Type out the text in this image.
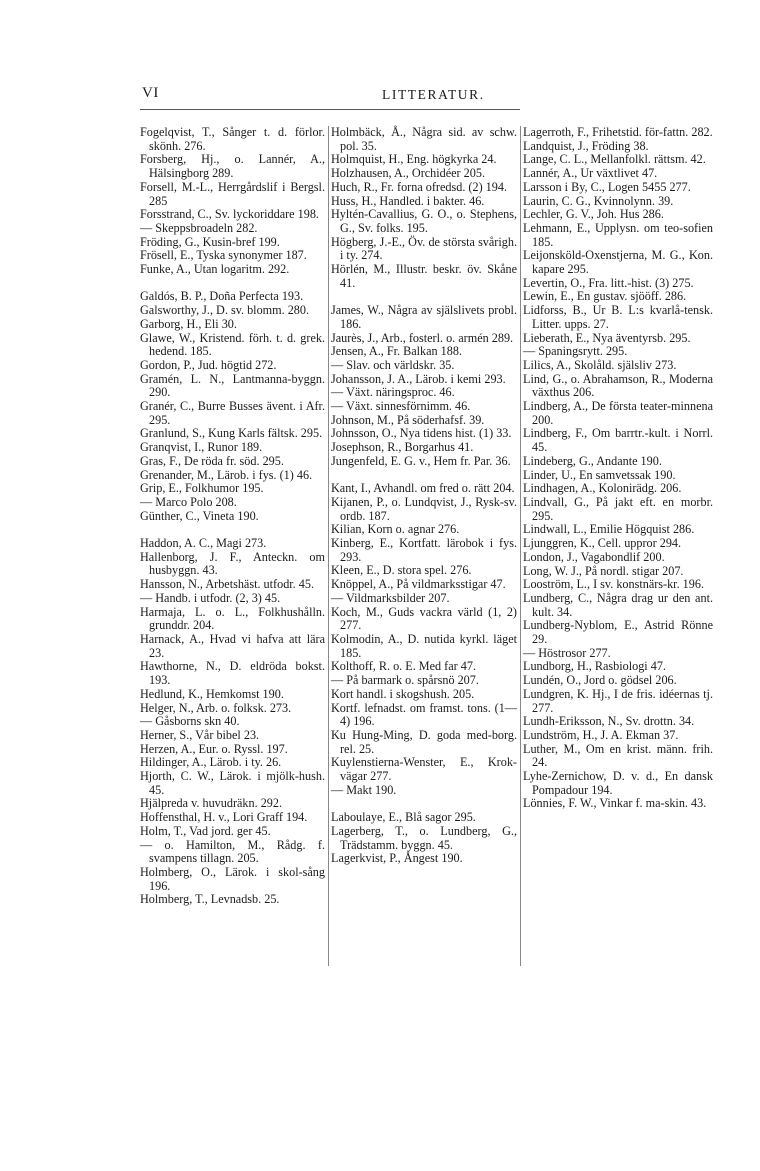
VI	LITTERATUR.
Fogelqvist, T., Sånger t. d. förlor. skönh. 276.
Forsberg, Hj., o. Lannér, A., Hälsingborg 289.
Forsell, M.-L., Herrgårdslif i Bergsl. 285
Forsstrand, C., Sv. lyckoriddare 198.
— Skeppsbroadeln 282.
Fröding, G., Kusin-bref 199.
Frösell, E., Tyska synonymer 187.
Funke, A., Utan logaritm. 292.
Galdós, B. P., Doña Perfecta 193.
Galsworthy, J., D. sv. blomm. 280.
Garborg, H., Eli 30.
Glawe, W., Kristend. förh. t. d. grek. hedend. 185.
Gordon, P., Jud. högtid 272.
Gramén, L. N., Lantmanna-byggn. 290.
Granér, C., Burre Busses ävent. i Afr. 295.
Granlund, S., Kung Karls fältsk. 295.
Granqvist, I., Runor 189.
Gras, F., De röda fr. söd. 295.
Grenander, M., Lärob. i fys. (1) 46.
Grip, E., Folkhumor 195.
— Marco Polo 208.
Günther, C., Vineta 190.
Haddon, A. C., Magi 273.
Hallenborg, J. F., Anteckn. om husbyggn. 43.
Hansson, N., Arbetshäst. utfodr. 45.
— Handb. i utfodr. (2, 3) 45.
Harmaja, L. o. L., Folkhushålln. grunddr. 204.
Harnack, A., Hvad vi hafva att lära 23.
Hawthorne, N., D. eldröda bokst. 193.
Hedlund, K., Hemkomst 190.
Helger, N., Arb. o. folksk. 273.
— Gåsborns skn 40.
Herner, S., Vår bibel 23.
Herzen, A., Eur. o. Ryssl. 197.
Hildinger, A., Lärob. i ty. 26.
Hjorth, C. W., Lärok. i mjölk-hush. 45.
Hjälpreda v. huvudräkn. 292.
Hoffensthal, H. v., Lori Graff 194.
Holm, T., Vad jord. ger 45.
— o. Hamilton, M., Rådg. f. svampens tillagn. 205.
Holmberg, O., Lärok. i skol-sång 196.
Holmberg, T., Levnadsb. 25.
Holmbäck, Å., Några sid. av schw. pol. 35.
Holmquist, H., Eng. högkyrka 24.
Holzhausen, A., Orchidéer 205.
Huch, R., Fr. forna ofredsd. (2) 194.
Huss, H., Handled. i bakter. 46.
Hyltén-Cavallius, G. O., o. Stephens, G., Sv. folks. 195.
Högberg, J.-E., Öv. de största svårigh. i ty. 274.
Hörlén, M., Illustr. beskr. öv. Skåne 41.
James, W., Några av själslivets probl. 186.
Jaurès, J., Arb., fosterl. o. armén 289.
Jensen, A., Fr. Balkan 188.
— Slav. och världskr. 35.
Johansson, J. A., Lärob. i kemi 293.
— Växt. näringsproc. 46.
— Växt. sinnesförnimm. 46.
Johnson, M., På söderhafsf. 39.
Johnsson, O., Nya tidens hist. (1) 33.
Josephson, R., Borgarhus 41.
Jungenfeld, E. G. v., Hem fr. Par. 36.
Kant, I., Avhandl. om fred o. rätt 204.
Kijanen, P., o. Lundqvist, J., Rysk-sv. ordb. 187.
Kilian, Korn o. agnar 276.
Kinberg, E., Kortfatt. lärobok i fys. 293.
Kleen, E., D. stora spel. 276.
Knöppel, A., På vildmarksstigar 47.
— Vildmarksbilder 207.
Koch, M., Guds vackra värld (1, 2) 277.
Kolmodin, A., D. nutida kyrkl. läget 185.
Kolthoff, R. o. E. Med far 47.
— På barmark o. spårsnö 207.
Kort handl. i skogshush. 205.
Kortf. lefnadst. om framst. tons. (1—4) 196.
Ku Hung-Ming, D. goda med-borg. rel. 25.
Kuylenstierna-Wenster, E., Krok-vägar 277.
— Makt 190.
Laboulaye, E., Blå sagor 295.
Lagerberg, T., o. Lundberg, G., Trädstamm. byggn. 45.
Lagerkvist, P., Ångest 190.
Lagerroth, F., Frihetstid. för-fattn. 282.
Landquist, J., Fröding 38.
Lange, C. L., Mellanfolkl. rättsm. 42.
Lannér, A., Ur växtlivet 47.
Larsson i By, C., Logen 5455 277.
Laurin, C. G., Kvinnolynn. 39.
Lechler, G. V., Joh. Hus 286.
Lehmann, E., Upplysn. om teo-sofien 185.
Leijonsköld-Oxenstjerna, M. G., Kon. kapare 295.
Levertin, O., Fra. litt.-hist. (3) 275.
Lewin, E., En gustav. sjööff. 286.
Lidforss, B., Ur B. L:s kvarlå-tensk. Litter. upps. 27.
Lieberath, E., Nya äventyrsb. 295.
— Spaningsrytt. 295.
Lilics, A., Skolåld. själsliv 273.
Lind, G., o. Abrahamson, R., Moderna växthus 206.
Lindberg, A., De första teater-minnena 200.
Lindberg, F., Om barrtr.-kult. i Norrl. 45.
Lindeberg, G., Andante 190.
Linder, U., En samvetssak 190.
Lindhagen, A., Kolonirädg. 206.
Lindvall, G., På jakt eft. en morbr. 295.
Lindwall, L., Emilie Högquist 286.
Ljunggren, K., Cell. uppror 294.
London, J., Vagabondlif 200.
Long, W. J., På nordl. stigar 207.
Looström, L., I sv. konstnärs-kr. 196.
Lundberg, C., Några drag ur den ant. kult. 34.
Lundberg-Nyblom, E., Astrid Rönne 29.
— Höstrosor 277.
Lundborg, H., Rasbiologi 47.
Lundén, O., Jord o. gödsel 206.
Lundgren, K. Hj., I de fris. idéernas tj. 277.
Lundh-Eriksson, N., Sv. drottn. 34.
Lundström, H., J. A. Ekman 37.
Luther, M., Om en krist. männ. frih. 24.
Lyhe-Zernichow, D. v. d., En dansk Pompadour 194.
Lönnies, F. W., Vinkar f. ma-skin. 43.
